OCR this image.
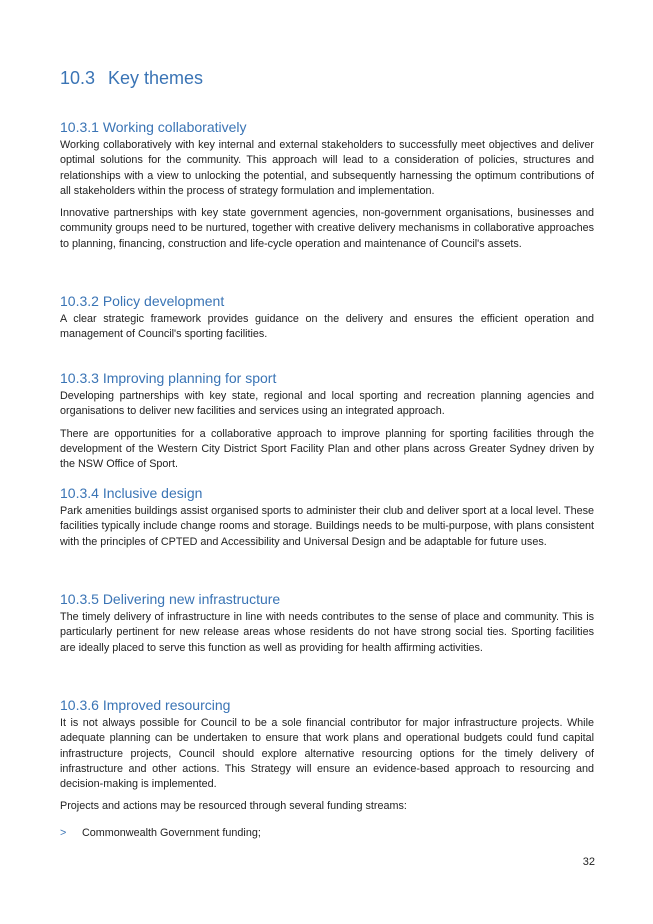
10.3 Key themes
10.3.1 Working collaboratively

Working collaboratively with key internal and external stakeholders to successfully meet objectives and deliver optimal solutions for the community. This approach will lead to a consideration of policies, structures and relationships with a view to unlocking the potential, and subsequently harnessing the optimum contributions of all stakeholders within the process of strategy formulation and implementation.

Innovative partnerships with key state government agencies, non-government organisations, businesses and community groups need to be nurtured, together with creative delivery mechanisms in collaborative approaches to planning, financing, construction and life-cycle operation and maintenance of Council's assets.

10.3.2 Policy development

A clear strategic framework provides guidance on the delivery and ensures the efficient operation and management of Council's sporting facilities.

10.3.3 Improving planning for sport

Developing partnerships with key state, regional and local sporting and recreation planning agencies and organisations to deliver new facilities and services using an integrated approach.

There are opportunities for a collaborative approach to improve planning for sporting facilities through the development of the Western City District Sport Facility Plan and other plans across Greater Sydney driven by the NSW Office of Sport.

10.3.4 Inclusive design

Park amenities buildings assist organised sports to administer their club and deliver sport at a local level. These facilities typically include change rooms and storage. Buildings needs to be multi-purpose, with plans consistent with the principles of CPTED and Accessibility and Universal Design and be adaptable for future uses.

10.3.5 Delivering new infrastructure

The timely delivery of infrastructure in line with needs contributes to the sense of place and community. This is particularly pertinent for new release areas whose residents do not have strong social ties. Sporting facilities are ideally placed to serve this function as well as providing for health affirming activities.

10.3.6 Improved resourcing

It is not always possible for Council to be a sole financial contributor for major infrastructure projects. While adequate planning can be undertaken to ensure that work plans and operational budgets could fund capital infrastructure projects, Council should explore alternative resourcing options for the timely delivery of infrastructure and other actions. This Strategy will ensure an evidence-based approach to resourcing and decision-making is implemented.

Projects and actions may be resourced through several funding streams:

> Commonwealth Government funding;
32
